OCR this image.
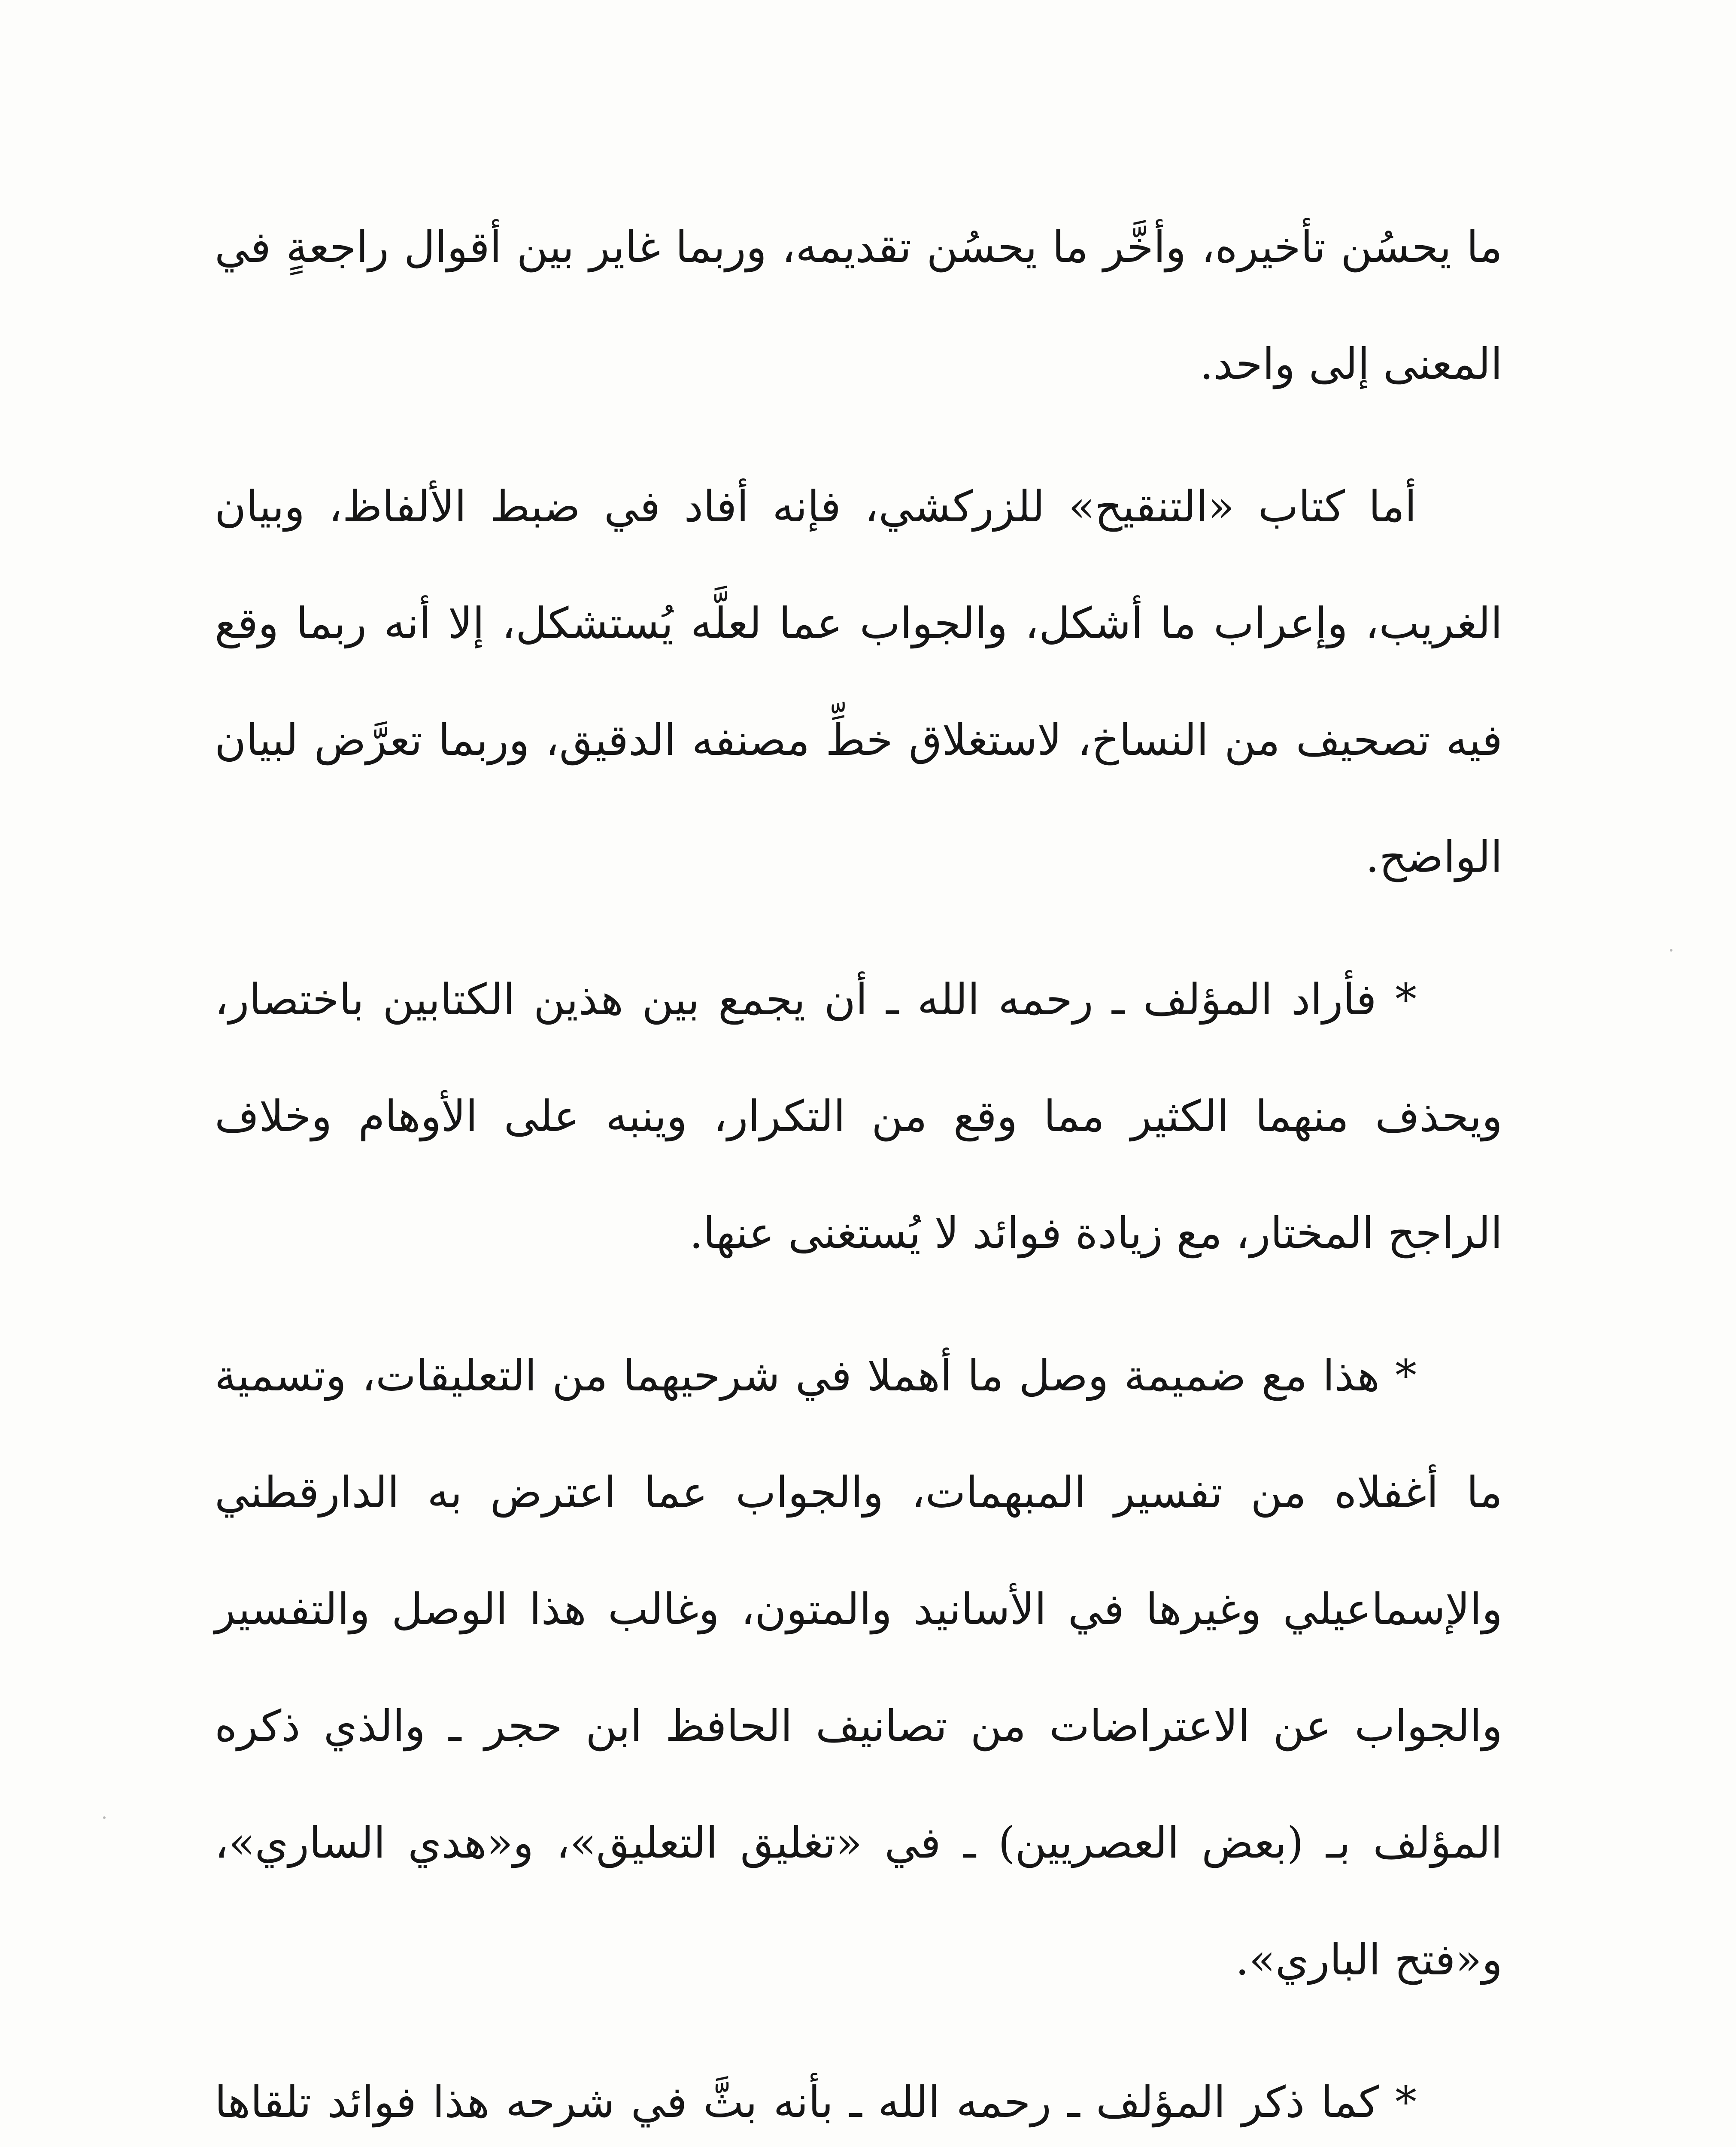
ما يحسُن تأخيره، وأخَّر ما يحسُن تقديمه، وربما غاير بين أقوال راجعةٍ في المعنى إلى واحد.

أما كتاب «التنقيح» للزركشي، فإنه أفاد في ضبط الألفاظ، وبيان الغريب، وإعراب ما أشكل، والجواب عما لعلَّه يُستشكل، إلا أنه ربما وقع فيه تصحيف من النساخ، لاستغلاق خطِّ مصنفه الدقيق، وربما تعرَّض لبيان الواضح.

* فأراد المؤلف ـ رحمه الله ـ أن يجمع بين هذين الكتابين باختصار، ويحذف منهما الكثير مما وقع من التكرار، وينبه على الأوهام وخلاف الراجح المختار، مع زيادة فوائد لا يُستغنى عنها.

* هذا مع ضميمة وصل ما أهملا في شرحيهما من التعليقات، وتسمية ما أغفلاه من تفسير المبهمات، والجواب عما اعترض به الدارقطني والإسماعيلي وغيرها في الأسانيد والمتون، وغالب هذا الوصل والتفسير والجواب عن الاعتراضات من تصانيف الحافظ ابن حجر ـ والذي ذكره المؤلف بـ (بعض العصريين) ـ في «تغليق التعليق»، و«هدي الساري»، و«فتح الباري».

* كما ذكر المؤلف ـ رحمه الله ـ بأنه بثَّ في شرحه هذا فوائد تلقاها
